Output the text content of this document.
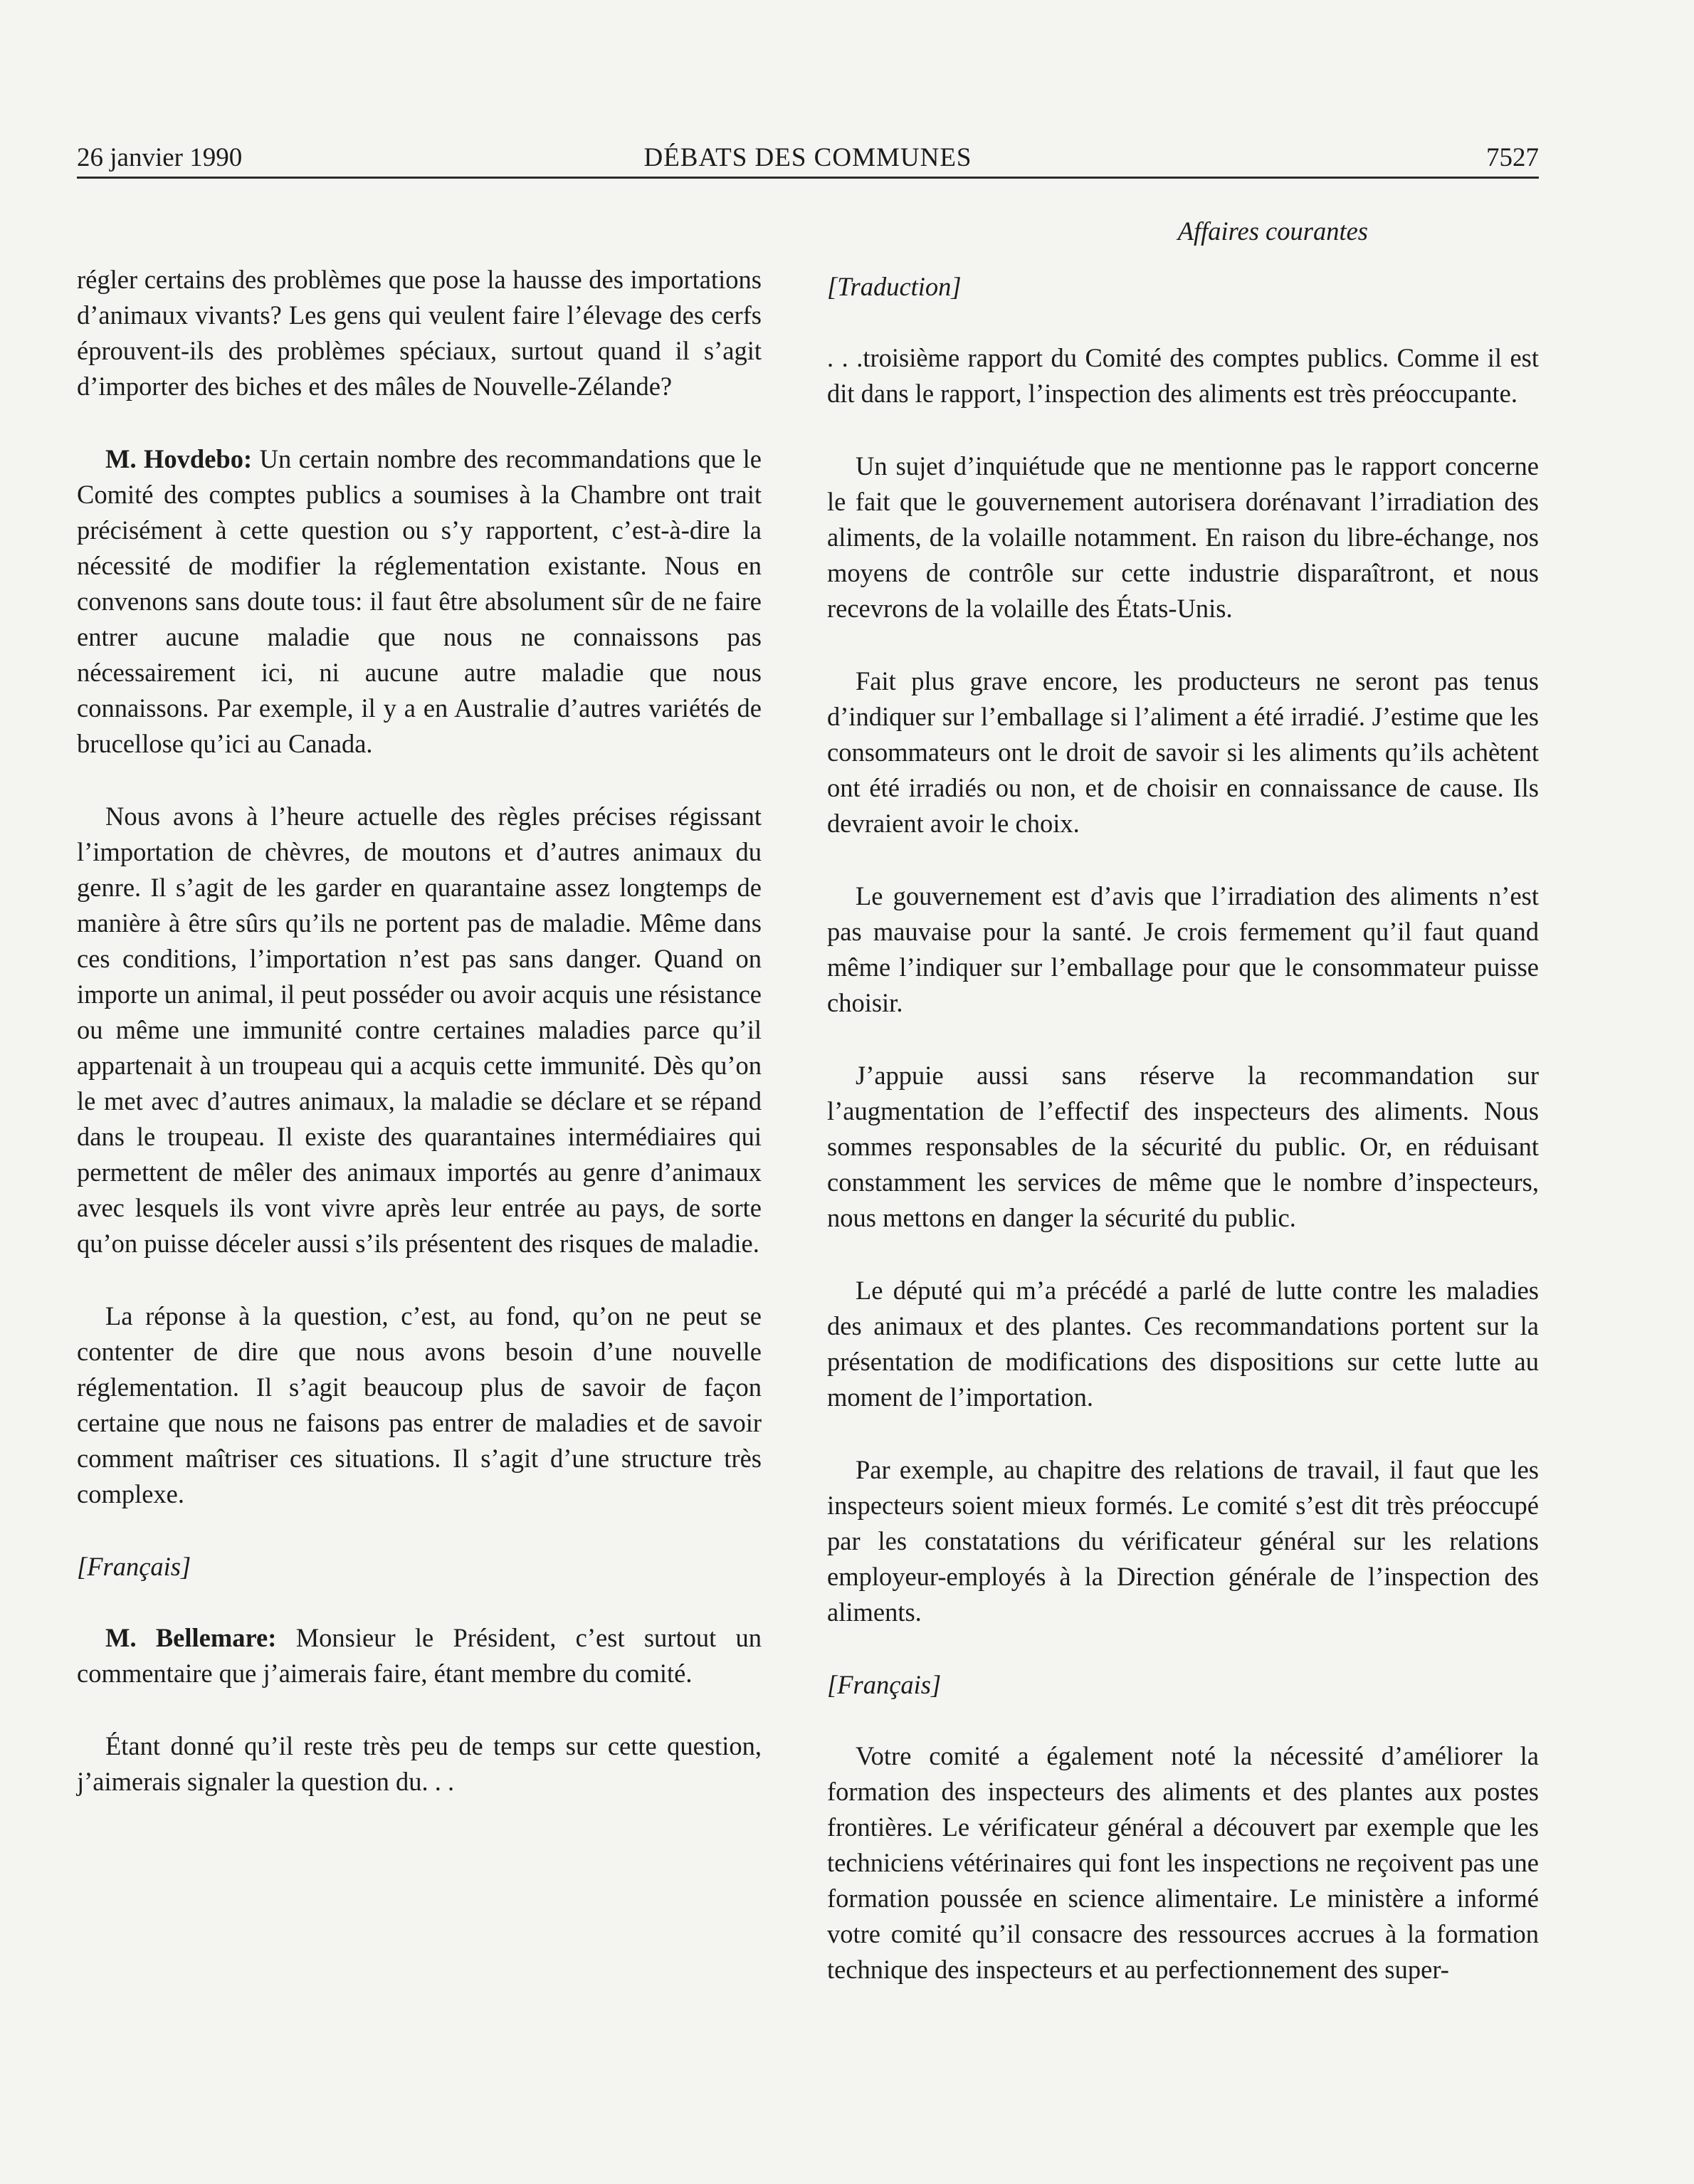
26 janvier 1990	DÉBATS DES COMMUNES	7527

régler certains des problèmes que pose la hausse des importations d’animaux vivants? Les gens qui veulent faire l’élevage des cerfs éprouvent-ils des problèmes spéciaux, surtout quand il s’agit d’importer des biches et des mâles de Nouvelle-Zélande?

M. Hovdebo: Un certain nombre des recommandations que le Comité des comptes publics a soumises à la Chambre ont trait précisément à cette question ou s’y rapportent, c’est-à-dire la nécessité de modifier la réglementation existante. Nous en convenons sans doute tous: il faut être absolument sûr de ne faire entrer aucune maladie que nous ne connaissons pas nécessairement ici, ni aucune autre maladie que nous connaissons. Par exemple, il y a en Australie d’autres variétés de brucellose qu’ici au Canada.

Nous avons à l’heure actuelle des règles précises régissant l’importation de chèvres, de moutons et d’autres animaux du genre. Il s’agit de les garder en quarantaine assez longtemps de manière à être sûrs qu’ils ne portent pas de maladie. Même dans ces conditions, l’importation n’est pas sans danger. Quand on importe un animal, il peut posséder ou avoir acquis une résistance ou même une immunité contre certaines maladies parce qu’il appartenait à un troupeau qui a acquis cette immunité. Dès qu’on le met avec d’autres animaux, la maladie se déclare et se répand dans le troupeau. Il existe des quarantaines intermédiaires qui permettent de mêler des animaux importés au genre d’animaux avec lesquels ils vont vivre après leur entrée au pays, de sorte qu’on puisse déceler aussi s’ils présentent des risques de maladie.

La réponse à la question, c’est, au fond, qu’on ne peut se contenter de dire que nous avons besoin d’une nouvelle réglementation. Il s’agit beaucoup plus de savoir de façon certaine que nous ne faisons pas entrer de maladies et de savoir comment maîtriser ces situations. Il s’agit d’une structure très complexe.

[Français]

M. Bellemare: Monsieur le Président, c’est surtout un commentaire que j’aimerais faire, étant membre du comité.

Étant donné qu’il reste très peu de temps sur cette question, j’aimerais signaler la question du. . .

Affaires courantes

[Traduction]

. . .troisième rapport du Comité des comptes publics. Comme il est dit dans le rapport, l’inspection des aliments est très préoccupante.

Un sujet d’inquiétude que ne mentionne pas le rapport concerne le fait que le gouvernement autorisera dorénavant l’irradiation des aliments, de la volaille notamment. En raison du libre-échange, nos moyens de contrôle sur cette industrie disparaîtront, et nous recevrons de la volaille des États-Unis.

Fait plus grave encore, les producteurs ne seront pas tenus d’indiquer sur l’emballage si l’aliment a été irradié. J’estime que les consommateurs ont le droit de savoir si les aliments qu’ils achètent ont été irradiés ou non, et de choisir en connaissance de cause. Ils devraient avoir le choix.

Le gouvernement est d’avis que l’irradiation des aliments n’est pas mauvaise pour la santé. Je crois fermement qu’il faut quand même l’indiquer sur l’emballage pour que le consommateur puisse choisir.

J’appuie aussi sans réserve la recommandation sur l’augmentation de l’effectif des inspecteurs des aliments. Nous sommes responsables de la sécurité du public. Or, en réduisant constamment les services de même que le nombre d’inspecteurs, nous mettons en danger la sécurité du public.

Le député qui m’a précédé a parlé de lutte contre les maladies des animaux et des plantes. Ces recommandations portent sur la présentation de modifications des dispositions sur cette lutte au moment de l’importation.

Par exemple, au chapitre des relations de travail, il faut que les inspecteurs soient mieux formés. Le comité s’est dit très préoccupé par les constatations du vérificateur général sur les relations employeur-employés à la Direction générale de l’inspection des aliments.

[Français]

Votre comité a également noté la nécessité d’améliorer la formation des inspecteurs des aliments et des plantes aux postes frontières. Le vérificateur général a découvert par exemple que les techniciens vétérinaires qui font les inspections ne reçoivent pas une formation poussée en science alimentaire. Le ministère a informé votre comité qu’il consacre des ressources accrues à la formation technique des inspecteurs et au perfectionnement des super-
